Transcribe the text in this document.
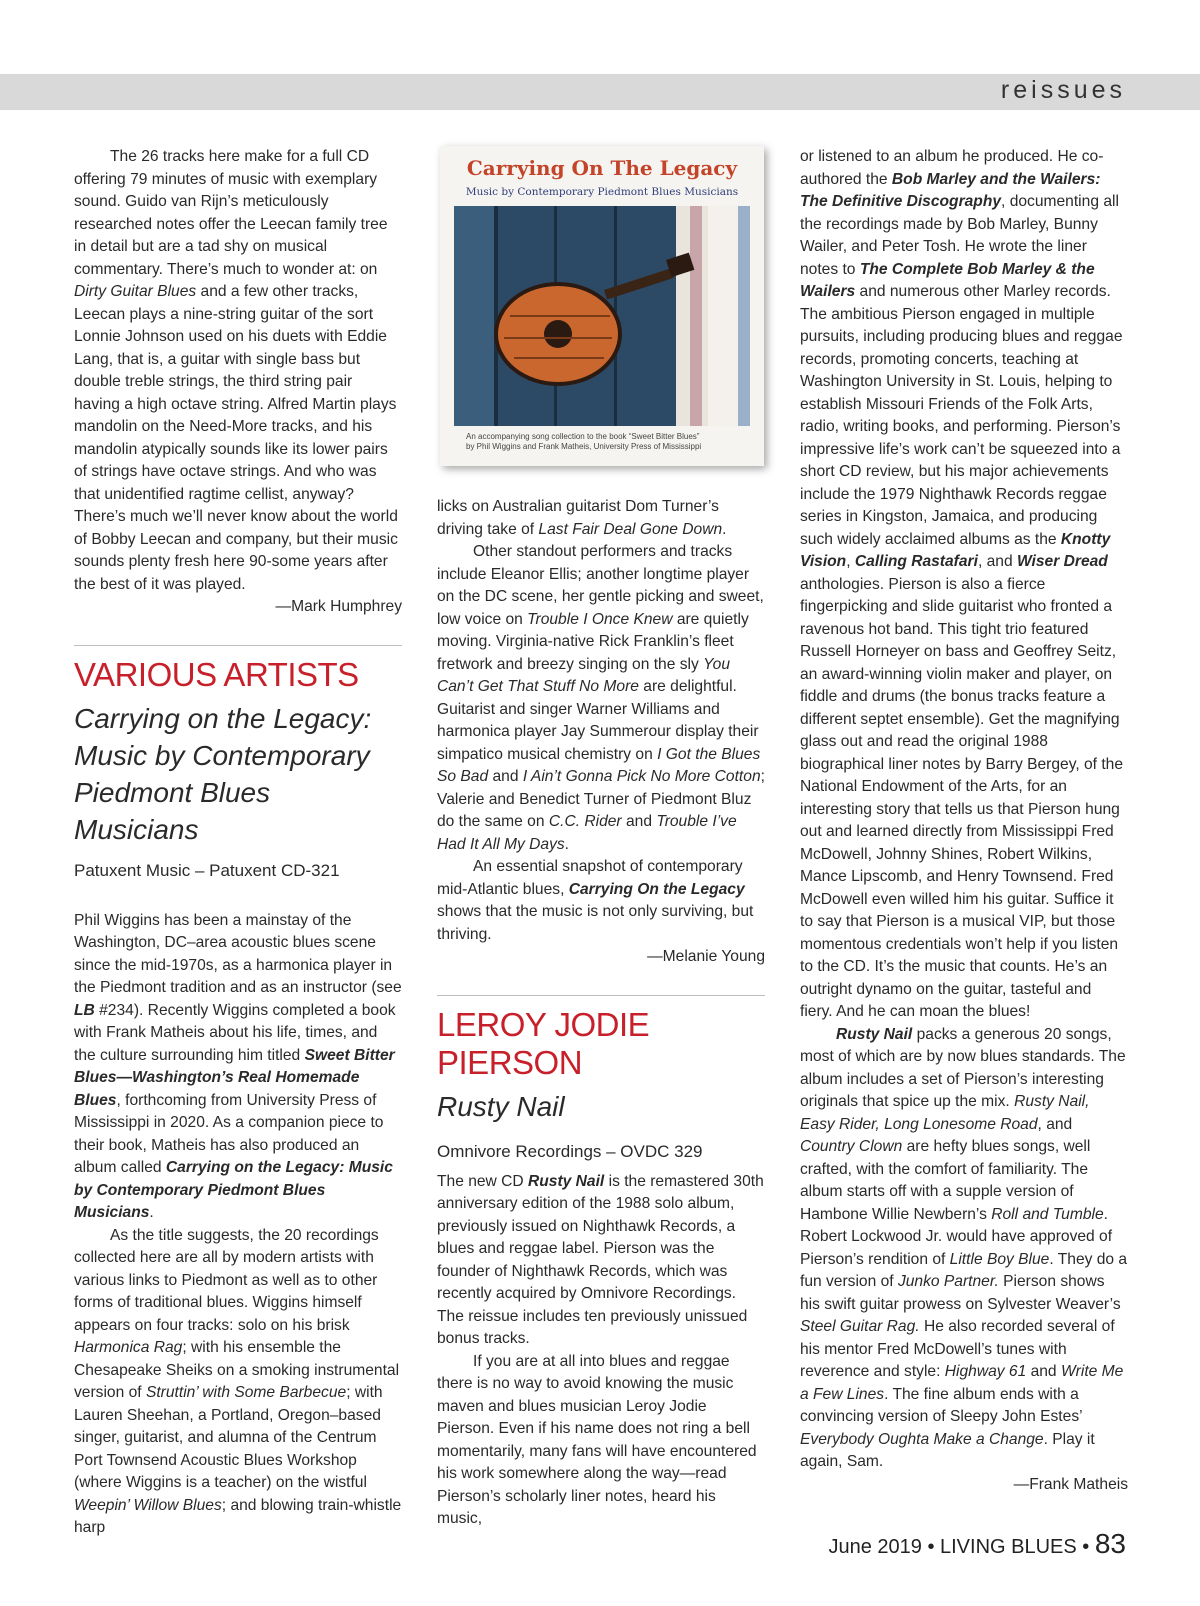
reissues

The 26 tracks here make for a full CD offering 79 minutes of music with exemplary sound. Guido van Rijn’s meticulously researched notes offer the Leecan family tree in detail but are a tad shy on musical commentary. There’s much to wonder at: on Dirty Guitar Blues and a few other tracks, Leecan plays a nine-string guitar of the sort Lonnie Johnson used on his duets with Eddie Lang, that is, a guitar with single bass but double treble strings, the third string pair having a high octave string. Alfred Martin plays mandolin on the Need-More tracks, and his mandolin atypically sounds like its lower pairs of strings have octave strings. And who was that unidentified ragtime cellist, anyway? There’s much we’ll never know about the world of Bobby Leecan and company, but their music sounds plenty fresh here 90-some years after the best of it was played.

—Mark Humphrey

VARIOUS ARTISTS

Carrying on the Legacy:

Music by Contemporary

Piedmont Blues Musicians

Patuxent Music – Patuxent CD-321

Phil Wiggins has been a mainstay of the Washington, DC–area acoustic blues scene since the mid-1970s, as a harmonica player in the Piedmont tradition and as an instructor (see LB #234). Recently Wiggins completed a book with Frank Matheis about his life, times, and the culture surrounding him titled Sweet Bitter Blues—Washington’s Real Homemade Blues, forthcoming from University Press of Mississippi in 2020. As a companion piece to their book, Matheis has also produced an album called Carrying on the Legacy: Music by Contemporary Piedmont Blues Musicians.

As the title suggests, the 20 recordings collected here are all by modern artists with various links to Piedmont as well as to other forms of traditional blues. Wiggins himself appears on four tracks: solo on his brisk Harmonica Rag; with his ensemble the Chesapeake Sheiks on a smoking instrumental version of Struttin’ with Some Barbecue; with Lauren Sheehan, a Portland, Oregon–based singer, guitarist, and alumna of the Centrum Port Townsend Acoustic Blues Workshop (where Wiggins is a teacher) on the wistful Weepin’ Willow Blues; and blowing train-whistle harp

Carrying On The Legacy
Music by Contemporary Piedmont Blues Musicians
An accompanying song collection to the book “Sweet Bitter Blues”
by Phil Wiggins and Frank Matheis, University Press of Mississippi

licks on Australian guitarist Dom Turner’s driving take of Last Fair Deal Gone Down.

Other standout performers and tracks include Eleanor Ellis; another longtime player on the DC scene, her gentle picking and sweet, low voice on Trouble I Once Knew are quietly moving. Virginia-native Rick Franklin’s fleet fretwork and breezy singing on the sly You Can’t Get That Stuff No More are delightful. Guitarist and singer Warner Williams and harmonica player Jay Summerour display their simpatico musical chemistry on I Got the Blues So Bad and I Ain’t Gonna Pick No More Cotton; Valerie and Benedict Turner of Piedmont Bluz do the same on C.C. Rider and Trouble I’ve Had It All My Days.

An essential snapshot of contemporary mid-Atlantic blues, Carrying On the Legacy shows that the music is not only surviving, but thriving.

—Melanie Young

LEROY JODIE PIERSON

Rusty Nail

Omnivore Recordings – OVDC 329

The new CD Rusty Nail is the remastered 30th anniversary edition of the 1988 solo album, previously issued on Nighthawk Records, a blues and reggae label. Pierson was the founder of Nighthawk Records, which was recently acquired by Omnivore Recordings. The reissue includes ten previously unissued bonus tracks.

If you are at all into blues and reggae there is no way to avoid knowing the music maven and blues musician Leroy Jodie Pierson. Even if his name does not ring a bell momentarily, many fans will have encountered his work somewhere along the way—read Pierson’s scholarly liner notes, heard his music,

or listened to an album he produced. He co-authored the Bob Marley and the Wailers: The Definitive Discography, documenting all the recordings made by Bob Marley, Bunny Wailer, and Peter Tosh. He wrote the liner notes to The Complete Bob Marley & the Wailers and numerous other Marley records. The ambitious Pierson engaged in multiple pursuits, including producing blues and reggae records, promoting concerts, teaching at Washington University in St. Louis, helping to establish Missouri Friends of the Folk Arts, radio, writing books, and performing. Pierson’s impressive life’s work can’t be squeezed into a short CD review, but his major achievements include the 1979 Nighthawk Records reggae series in Kingston, Jamaica, and producing such widely acclaimed albums as the Knotty Vision, Calling Rastafari, and Wiser Dread anthologies. Pierson is also a fierce fingerpicking and slide guitarist who fronted a ravenous hot band. This tight trio featured Russell Horneyer on bass and Geoffrey Seitz, an award-winning violin maker and player, on fiddle and drums (the bonus tracks feature a different septet ensemble). Get the magnifying glass out and read the original 1988 biographical liner notes by Barry Bergey, of the National Endowment of the Arts, for an interesting story that tells us that Pierson hung out and learned directly from Mississippi Fred McDowell, Johnny Shines, Robert Wilkins, Mance Lipscomb, and Henry Townsend. Fred McDowell even willed him his guitar. Suffice it to say that Pierson is a musical VIP, but those momentous credentials won’t help if you listen to the CD. It’s the music that counts. He’s an outright dynamo on the guitar, tasteful and fiery. And he can moan the blues!

Rusty Nail packs a generous 20 songs, most of which are by now blues standards. The album includes a set of Pierson’s interesting originals that spice up the mix. Rusty Nail, Easy Rider, Long Lonesome Road, and Country Clown are hefty blues songs, well crafted, with the comfort of familiarity. The album starts off with a supple version of Hambone Willie Newbern’s Roll and Tumble. Robert Lockwood Jr. would have approved of Pierson’s rendition of Little Boy Blue. They do a fun version of Junko Partner. Pierson shows his swift guitar prowess on Sylvester Weaver’s Steel Guitar Rag. He also recorded several of his mentor Fred McDowell’s tunes with reverence and style: Highway 61 and Write Me a Few Lines. The fine album ends with a convincing version of Sleepy John Estes’ Everybody Oughta Make a Change. Play it again, Sam.

—Frank Matheis

June 2019 • LIVING BLUES • 83
